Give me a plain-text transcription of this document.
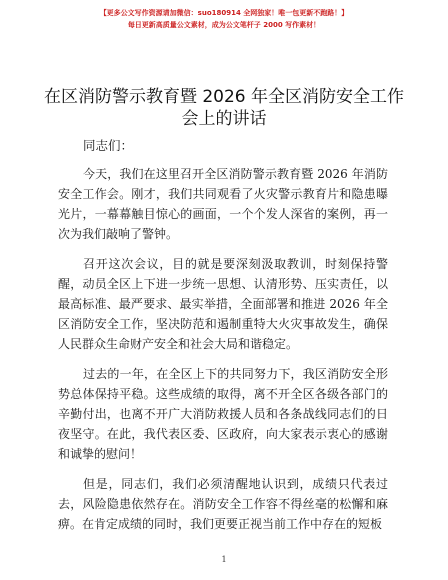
【更多公文写作资源请加微信：suo180914 全网独家！唯一包更新不跑路！】
每日更新高质量公文素材，成为公文笔杆子 2000 写作素材！
在区消防警示教育暨 2026 年全区消防安全工作会上的讲话

同志们：

今天，我们在这里召开全区消防警示教育暨 2026 年消防安全工作会。刚才，我们共同观看了火灾警示教育片和隐患曝光片，一幕幕触目惊心的画面，一个个发人深省的案例，再一次为我们敲响了警钟。

召开这次会议，目的就是要深刻汲取教训，时刻保持警醒，动员全区上下进一步统一思想、认清形势、压实责任，以最高标准、最严要求、最实举措，全面部署和推进 2026 年全区消防安全工作，坚决防范和遏制重特大火灾事故发生，确保人民群众生命财产安全和社会大局和谐稳定。

过去的一年，在全区上下的共同努力下，我区消防安全形势总体保持平稳。这些成绩的取得，离不开全区各级各部门的辛勤付出，也离不开广大消防救援人员和各条战线同志们的日夜坚守。在此，我代表区委、区政府，向大家表示衷心的感谢和诚挚的慰问！

但是，同志们，我们必须清醒地认识到，成绩只代表过去，风险隐患依然存在。消防安全工作容不得丝毫的松懈和麻痹。在肯定成绩的同时，我们更要正视当前工作中存在的短板

1
